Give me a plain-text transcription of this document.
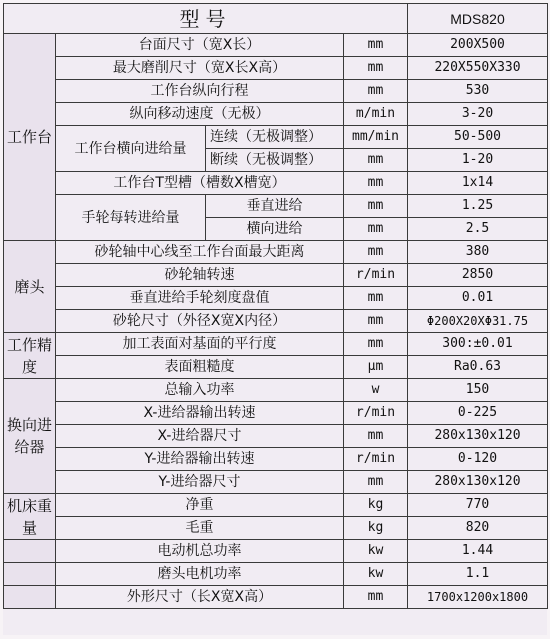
型号				MDS820
工作台	台面尺寸（宽X长）		mm	200X500
	最大磨削尺寸（宽X长X高）		mm	220X550X330
	工作台纵向行程		mm	530
	纵向移动速度（无极）		m/min	3-20
	工作台横向进给量	连续（无极调整）	mm/min	50-500
		断续（无极调整）	mm	1-20
	工作台T型槽（槽数X槽宽）		mm	1x14
	手轮每转进给量	垂直进给	mm	1.25
		横向进给	mm	2.5
磨头	砂轮轴中心线至工作台面最大距离		mm	380
	砂轮轴转速		r/min	2850
	垂直进给手轮刻度盘值		mm	0.01
	砂轮尺寸（外径X宽X内径）		mm	Φ200X20XΦ31.75
工作精度	加工表面对基面的平行度		mm	300:±0.01
	表面粗糙度		μm	Ra0.63
换向进给器	总输入功率		w	150
	X-进给器输出转速		r/min	0-225
	X-进给器尺寸		mm	280x130x120
	Y-进给器输出转速		r/min	0-120
	Y-进给器尺寸		mm	280x130x120
机床重量	净重		kg	770
	毛重		kg	820
	电动机总功率		kw	1.44
	磨头电机功率		kw	1.1
	外形尺寸（长X宽X高）		mm	1700x1200x1800
